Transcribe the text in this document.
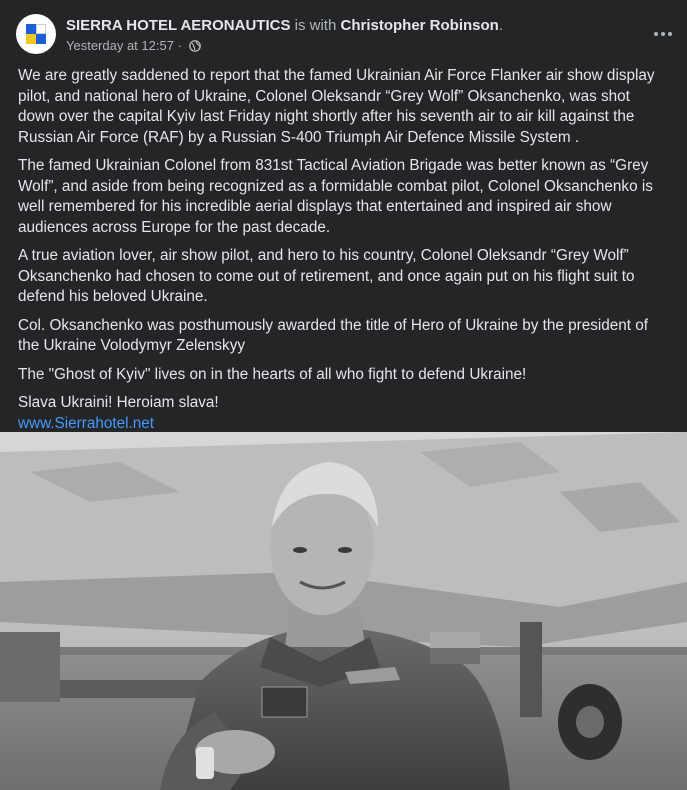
SIERRA HOTEL AERONAUTICS is with Christopher Robinson.
Yesterday at 12:57 ·

We are greatly saddened to report that the famed Ukrainian Air Force Flanker air show display pilot, and national hero of Ukraine, Colonel Oleksandr “Grey Wolf” Oksanchenko, was shot down over the capital Kyiv last Friday night shortly after his seventh air to air kill against the Russian Air Force (RAF) by a Russian S-400 Triumph Air Defence Missile System .

The famed Ukrainian Colonel from 831st Tactical Aviation Brigade was better known as “Grey Wolf”, and aside from being recognized as a formidable combat pilot, Colonel Oksanchenko is well remembered for his incredible aerial displays that entertained and inspired air show audiences across Europe for the past decade.

A true aviation lover, air show pilot, and hero to his country, Colonel Oleksandr “Grey Wolf” Oksanchenko had chosen to come out of retirement, and once again put on his flight suit to defend his beloved Ukraine.

Col. Oksanchenko was posthumously awarded the title of Hero of Ukraine by the president of the Ukraine Volodymyr Zelenskyy

The "Ghost of Kyiv" lives on in the hearts of all who fight to defend Ukraine!

Slava Ukraini! Heroiam slava!

www.Sierrahotel.net
